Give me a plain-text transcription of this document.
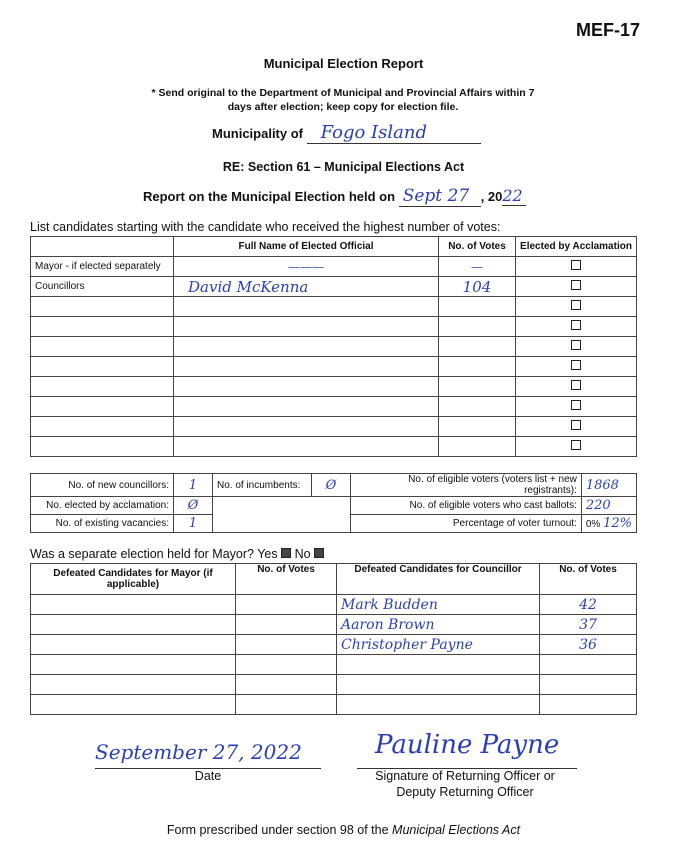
MEF-17
Municipal Election Report
* Send original to the Department of Municipal and Provincial Affairs within 7 days after election; keep copy for election file.
Municipality of Fogo Island
RE: Section 61 – Municipal Elections Act
Report on the Municipal Election held on Sept 27 , 2022
List candidates starting with the candidate who received the highest number of votes:
	Full Name of Elected Official	No. of Votes	Elected by Acclamation
Mayor - if elected separately	———	—	
Councillors	David McKenna	104	

No. of new councillors:	1	No. of incumbents:	Ø	No. of eligible voters (voters list + new registrants):	1868
No. elected by acclamation:	Ø			No. of eligible voters who cast ballots:	220
No. of existing vacancies:	1			Percentage of voter turnout:	0% 12%
Was a separate election held for Mayor? Yes No
Defeated Candidates for Mayor (if applicable)	No. of Votes	Defeated Candidates for Councillor	No. of Votes
		Mark Budden	42
		Aaron Brown	37
		Christopher Payne	36

September 27, 2022
Date
Pauline Payne
Signature of Returning Officer or
Deputy Returning Officer
Form prescribed under section 98 of the Municipal Elections Act
